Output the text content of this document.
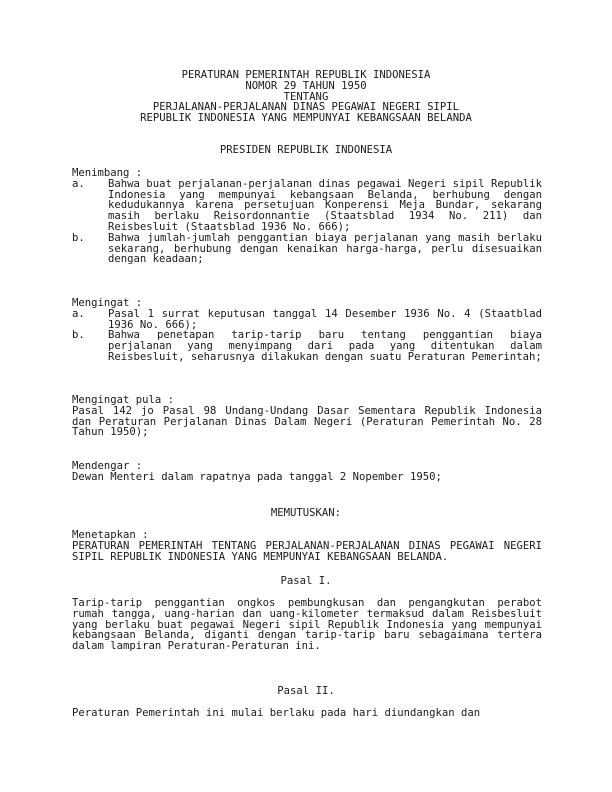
PERATURAN PEMERINTAH REPUBLIK INDONESIA
NOMOR 29 TAHUN 1950
TENTANG
PERJALANAN-PERJALANAN DINAS PEGAWAI NEGERI SIPIL
REPUBLIK INDONESIA YANG MEMPUNYAI KEBANGSAAN BELANDA
PRESIDEN REPUBLIK INDONESIA

Menimbang :

a. Bahwa buat perjalanan-perjalanan dinas pegawai Negeri sipil Republik Indonesia yang mempunyai kebangsaan Belanda, berhubung dengan kedudukannya karena persetujuan Konperensi Meja Bundar, sekarang masih berlaku Reisordonnantie (Staatsblad 1934 No. 211) dan Reisbesluit (Staatsblad 1936 No. 666);

b. Bahwa jumlah-jumlah penggantian biaya perjalanan yang masih berlaku sekarang, berhubung dengan kenaikan harga-harga, perlu disesuaikan dengan keadaan;

Mengingat :

a. Pasal 1 surrat keputusan tanggal 14 Desember 1936 No. 4 (Staatblad 1936 No. 666);

b. Bahwa penetapan tarip-tarip baru tentang penggantian biaya perjalanan yang menyimpang dari pada yang ditentukan dalam Reisbesluit, seharusnya dilakukan dengan suatu Peraturan Pemerintah;

Mengingat pula :

Pasal 142 jo Pasal 98 Undang-Undang Dasar Sementara Republik Indonesia dan Peraturan Perjalanan Dinas Dalam Negeri (Peraturan Pemerintah No. 28 Tahun 1950);

Mendengar :

Dewan Menteri dalam rapatnya pada tanggal 2 Nopember 1950;

MEMUTUSKAN:

Menetapkan :

PERATURAN PEMERINTAH TENTANG PERJALANAN-PERJALANAN DINAS PEGAWAI NEGERI SIPIL REPUBLIK INDONESIA YANG MEMPUNYAI KEBANGSAAN BELANDA.

Pasal I.

Tarip-tarip penggantian ongkos pembungkusan dan pengangkutan perabot rumah tangga, uang-harian dan uang-kilometer termaksud dalam Reisbesluit yang berlaku buat pegawai Negeri sipil Republik Indonesia yang mempunyai kebangsaan Belanda, diganti dengan tarip-tarip baru sebagaimana tertera dalam lampiran Peraturan-Peraturan ini.

Pasal II.

Peraturan Pemerintah ini mulai berlaku pada hari diundangkan dan
